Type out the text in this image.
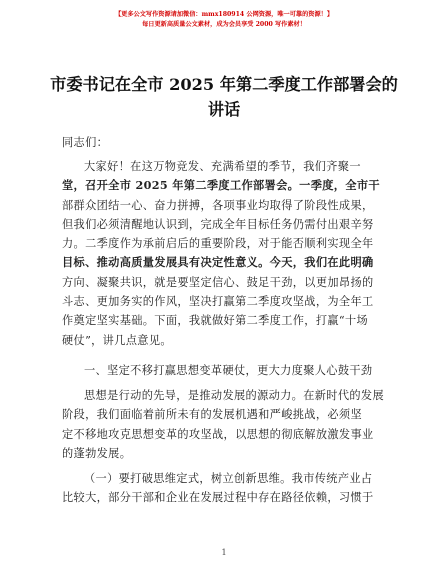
【更多公文写作资源请加微信：mmx180914 公网资源，唯一可靠的资源！】
每日更新高质量公文素材，成为会员享受 2000 写作素材！
市委书记在全市 2025 年第二季度工作部署会的
讲话
同志们：
大家好！在这万物竞发、充满希望的季节，我们齐聚一
堂，召开全市 2025 年第二季度工作部署会。一季度，全市干
部群众团结一心、奋力拼搏，各项事业均取得了阶段性成果，
但我们必须清醒地认识到，完成全年目标任务仍需付出艰辛努
力。二季度作为承前启后的重要阶段，对于能否顺利实现全年
目标、推动高质量发展具有决定性意义。今天，我们在此明确
方向、凝聚共识，就是要坚定信心、鼓足干劲，以更加昂扬的
斗志、更加务实的作风，坚决打赢第二季度攻坚战，为全年工
作奠定坚实基础。下面，我就做好第二季度工作，打赢“十场
硬仗”，讲几点意见。
一、坚定不移打赢思想变革硬仗，更大力度聚人心鼓干劲
思想是行动的先导，是推动发展的源动力。在新时代的发展
阶段，我们面临着前所未有的发展机遇和严峻挑战，必须坚
定不移地攻克思想变革的攻坚战，以思想的彻底解放激发事业
的蓬勃发展。
（一）要打破思维定式，树立创新思维。我市传统产业占
比较大，部分干部和企业在发展过程中存在路径依赖，习惯于
1
